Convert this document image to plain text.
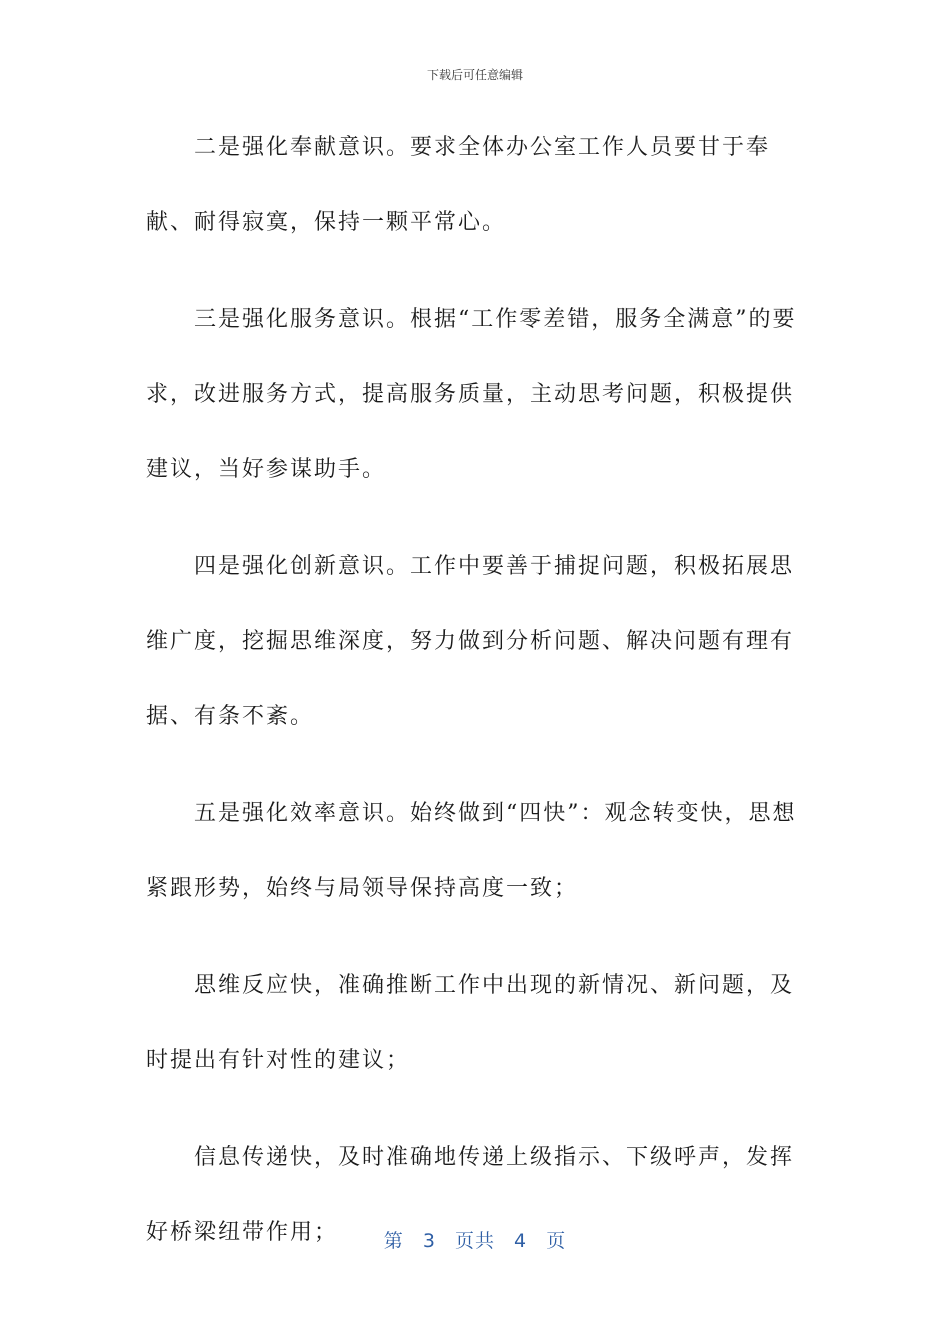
下载后可任意编辑

二是强化奉献意识。要求全体办公室工作人员要甘于奉献、耐得寂寞，保持一颗平常心。

三是强化服务意识。根据“工作零差错，服务全满意”的要求，改进服务方式，提高服务质量，主动思考问题，积极提供建议，当好参谋助手。

四是强化创新意识。工作中要善于捕捉问题，积极拓展思维广度，挖掘思维深度，努力做到分析问题、解决问题有理有据、有条不紊。

五是强化效率意识。始终做到“四快”：观念转变快，思想紧跟形势，始终与局领导保持高度一致；

思维反应快，准确推断工作中出现的新情况、新问题，及时提出有针对性的建议；

信息传递快，及时准确地传递上级指示、下级呼声，发挥好桥梁纽带作用；	第 3 页共 4 页
